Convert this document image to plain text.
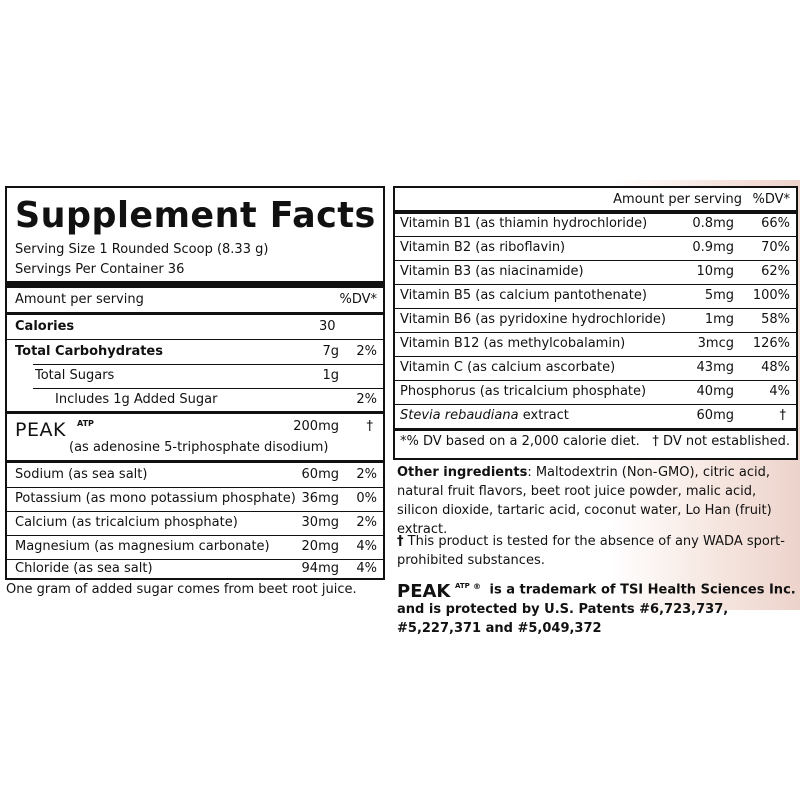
Supplement Facts
Serving Size 1 Rounded Scoop (8.33 g)
Servings Per Container 36
Amount per serving	%DV*
Calories	30
Total Carbohydrates	7g 2%
Total Sugars	1g
Includes 1g Added Sugar	2%
PEAK ATP	200mg †
(as adenosine 5-triphosphate disodium)
Sodium (as sea salt)	60mg 2%
Potassium (as mono potassium phosphate) 36mg 0%
Calcium (as tricalcium phosphate)	30mg 2%
Magnesium (as magnesium carbonate) 20mg 4%
Chloride (as sea salt)	94mg 4%
One gram of added sugar comes from beet root juice.
Amount per serving %DV*
Vitamin B1 (as thiamin hydrochloride)	0.8mg 66%
Vitamin B2 (as riboflavin)	0.9mg 70%
Vitamin B3 (as niacinamide)	10mg 62%
Vitamin B5 (as calcium pantothenate)	5mg 100%
Vitamin B6 (as pyridoxine hydrochloride)	1mg 58%
Vitamin B12 (as methylcobalamin)	3mcg 126%
Vitamin C (as calcium ascorbate)	43mg 48%
Phosphorus (as tricalcium phosphate)	40mg	4%
Stevia rebaudiana extract	60mg	†
*% DV based on a 2,000 calorie diet. † DV not established.
Other ingredients: Maltodextrin (Non-GMO), citric acid, natural fruit flavors, beet root juice powder, malic acid, silicon dioxide, tartaric acid, coconut water, Lo Han (fruit) extract.
† This product is tested for the absence of any WADA sport-prohibited substances.
PEAK ATP ® is a trademark of TSI Health Sciences Inc. and is protected by U.S. Patents #6,723,737, #5,227,371 and #5,049,372
